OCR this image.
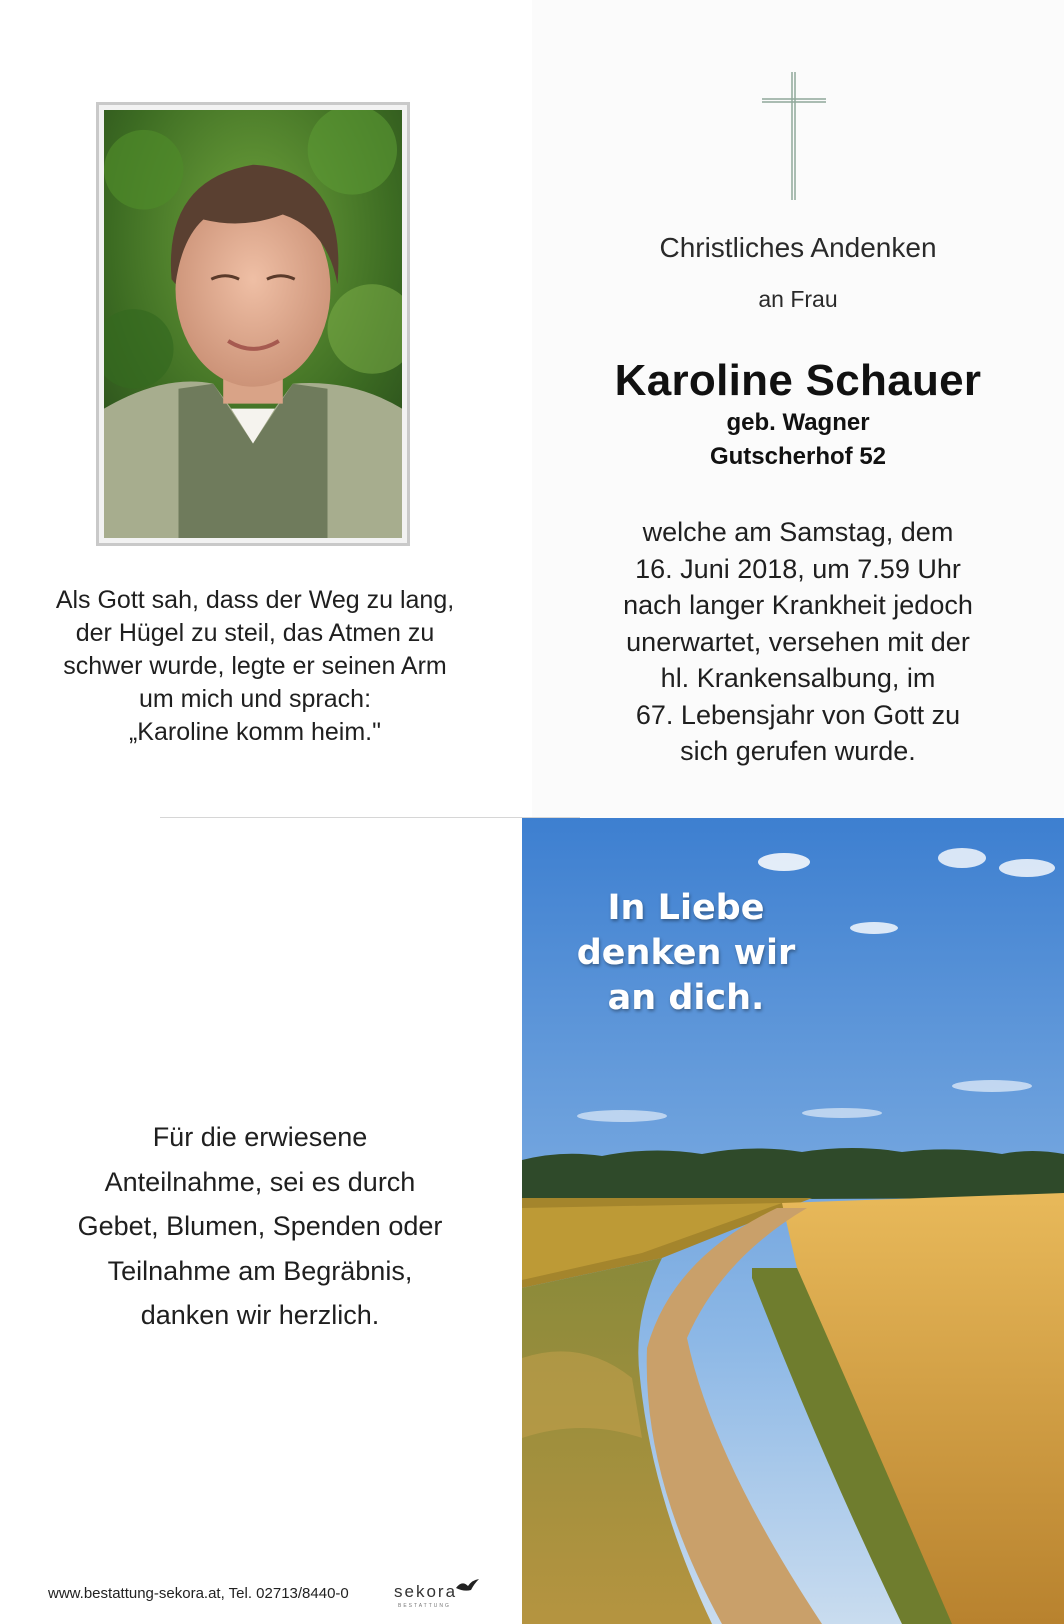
Als Gott sah, dass der Weg zu lang,
der Hügel zu steil, das Atmen zu
schwer wurde, legte er seinen Arm
um mich und sprach:
„Karoline komm heim."
Christliches Andenken
an Frau
Karoline Schauer
geb. Wagner
Gutscherhof 52
welche am Samstag, dem
16. Juni 2018, um 7.59 Uhr
nach langer Krankheit jedoch
unerwartet, versehen mit der
hl. Krankensalbung, im
67. Lebensjahr von Gott zu
sich gerufen wurde.
Für die erwiesene
Anteilnahme, sei es durch
Gebet, Blumen, Spenden oder
Teilnahme am Begräbnis,
danken wir herzlich.
www.bestattung-sekora.at, Tel. 02713/8440-0	sekora
BESTATTUNG
In Liebe
denken wir
an dich.
